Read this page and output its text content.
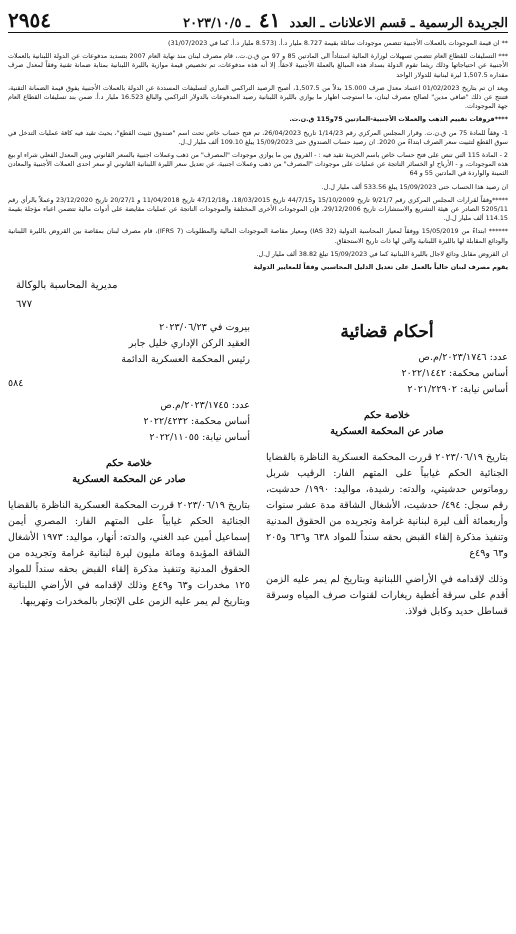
الجريدة الرسمية ـ قسم الاعلانات ـ العدد ٤١ ـ ٢٠٢٣/١٠/٥
٢٩٥٤

** ان قيمة الموجودات بالعملات الأجنبية تتضمن موجودات سائلة بقيمة 8.727 مليار د.أ. (8.573 مليار د.أ. كما في 31/07/2023)

*** التسليفات للقطاع العام تتضمن تسهيلات لوزارة المالية استناداً الى المادتين 85 و 97 من ق.ن.ت.، قام مصرف لبنان منذ نهاية العام 2007 بتسديد مدفوعات عن الدولة اللبنانية بالعملات الأجنبية عن احتياجاتها وذلك ريثما تقوم الدولة بسداد هذه المبالغ بالعملة الأجنبية لاحقاً. إلا أنه هذه مدفوعات، تم تخصيص قيمة موازية بالليرة اللبنانية بمثابة ضمانة تقنية وفقاً لمعدل صرف مقداره 1,507.5 ليرة لبنانية للدولار الواحد

ويعد ان تم بتاريخ 01/02/2023 اعتماد معدل صرف 15.000 بدلاً من 1,507.5، أصبح الرصيد التراكمي الساري لتسليفات المسددة عن الدولة بالعملات الأجنبية يفوق قيمة الضمانة التقنية، فتنتج عن ذلك "صافي مدين" لصالح مصرف لبنان، ما استوجب اظهار ما يوازي بالليرة اللبنانية رصيد المدفوعات بالدولار التراكمي والبالغ 16.523 مليار د.أ. ضمن بند تسليفات القطاع العام جهة الموجودات.

****فروقات تقييم الذهب والعملات الأجنبية-المادتين 75و115 ق.ن.ت.

1- وفقاً للمادة 75 من ق.ن.ت. وقرار المجلس المركزي رقم 1/14/23 تاريخ 26/04/2023، تم فتح حساب خاص تحت اسم "صندوق تثبيت القطع"، بحيث تقيد فيه كافة عمليات التدخل في سوق القطع لتثبيت سعر الصرف ابتداءً من 2020. ان رصيد حساب الصندوق حتى 15/09/2023 يبلغ 109.10 ألف مليار ل.ل.

2 - المادة 115 التي تنص على فتح حساب خاص باسم الخزينة تقيد فيه : - الفروق بين ما يوازي موجودات "المصرف" من ذهب وعملات اجنبية بالسعر القانوني وبين المعدل الفعلي شراء او بيع هذه الموجودات، و - الأرباح او الخسائر الناتجة عن عمليات على موجودات "المصرف" من ذهب وعملات اجنبية، عن تعديل سعر الليرة اللبنانية القانوني او سعر احدى العملات الأجنبية والمعادن الثمينة والواردة في المادتين 55 و 64

ان رصيد هذا الحساب حتى 15/09/2023 يبلغ 533.56 ألف مليار ل.ل.

*****وفقاً لقرارات المجلس المركزي رقم 9/21/7 تاريخ 15/10/2009 و44/7/15 تاريخ 18/03/2015، و47/12/18 تاريخ 11/04/2018 و 20/27/1 تاريخ 23/12/2020 وعملاً بالرأي رقم 5205/11 الصادر عن هيئة التشريع والاستشارات تاريخ 29/12/2006، فإن الموجودات الأخرى المختلفة والموجودات الناتجة عن عمليات مقايضة على أدوات مالية تتضمن اعباء مؤجلة بقيمة 114.15 ألف مليار ل.ل.

****** ابتداءً من 15/05/2019 ووفقاً لمعيار المحاسبة الدولية (IAS 32) ومعيار مقاصة الموجودات المالية والمطلوبات (IFRS 7)، قام مصرف لبنان بمقاصة بين القروض بالليرة اللبنانية والودائع المقابلة لها بالليرة اللبنانية والتي لها ذات تاريخ الاستحقاق.

ان القروض مقابل ودائع لاجال بالليرة اللبنانية كما في 15/09/2023 تبلغ 38.82 ألف مليار ل.ل.

يقوم مصرف لبنان حالياً بالعمل على تعديل الدليل المحاسبي وفقاً للمعايير الدولية

مديرية المحاسبة بالوكالة
٦٧٧
أحكام قضائية
عدد: ٢٠٢٣/١٧٤٦/م.ص
أساس محكمة: ٢٠٢٢/١٤٤٢
أساس نيابة: ٢٠٢١/٢٢٩٠٢
خلاصة حكم
صادر عن المحكمة العسكرية

بتاريخ ٢٠٢٣/٠٦/١٩ قررت المحكمة العسكرية الناظرة بالقضايا الجنائية الحكم غيابياً على المتهم الفار: الرقيب شربل روماتوس حدشيتي، والدته: رشيدة، مواليد: ١٩٩٠/ حدشيت، رقم سجل: ٤٩٤/ حدشيت، الأشغال الشاقة مدة عشر سنوات وأربعمائة ألف ليرة لبنانية غرامة وتجريده من الحقوق المدنية وتنفيذ مذكرة إلقاء القبض بحقه سنداً للمواد ٦٣٨ و٦٣٦ و٢٠٥ و٦٣ و٤٩ع

وذلك لإقدامه في الأراضي اللبنانية وبتاريخ لم يمر عليه الزمن أقدم على سرقة أغطية ريغارات لقنوات صرف المياه وسرقة قساطل حديد وكابل فولاذ.

بيروت في ٢٠٢٣/٠٦/٢٣
العقيد الركن الإداري خليل جابر
رئيس المحكمة العسكرية الدائمة
٥٨٤
عدد: ٢٠٢٣/١٧٤٥/م.ص
أساس محكمة: ٢٠٢٢/٤٢٣٢
أساس نيابة: ٢٠٢٢/١١٠٥٥
خلاصة حكم
صادر عن المحكمة العسكرية

بتاريخ ٢٠٢٣/٠٦/١٩ قررت المحكمة العسكرية الناظرة بالقضايا الجنائية الحكم غيابياً على المتهم الفار: المصري أيمن إسماعيل أمين عبد الغني، والدته: أنهار، مواليد: ١٩٧٣ الأشغال الشاقة المؤبدة ومائة مليون ليرة لبنانية غرامة وتجريده من الحقوق المدنية وتنفيذ مذكرة إلقاء القبض بحقه سنداً للمواد ١٢٥ مخدرات و٦٣ و٤٩ع وذلك لإقدامه في الأراضي اللبنانية وبتاريخ لم يمر عليه الزمن على الإتجار بالمخدرات وتهريبها.
